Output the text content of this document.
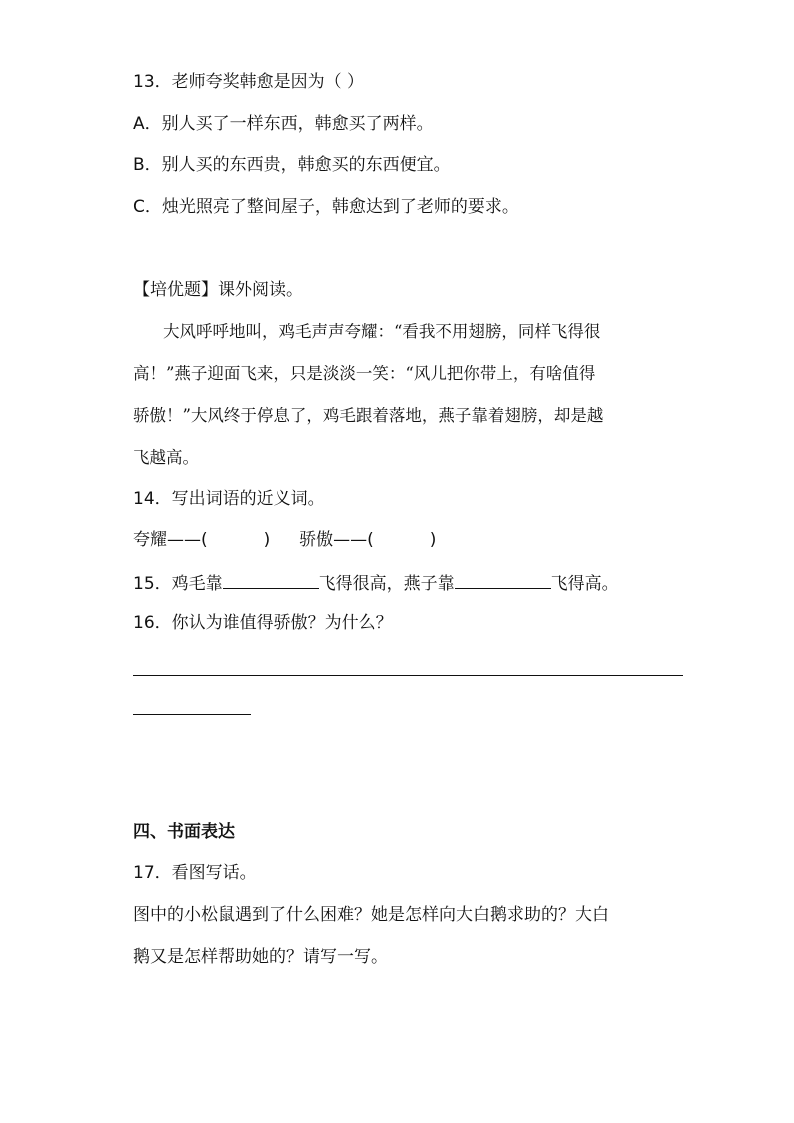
13．老师夸奖韩愈是因为（ ）
A．别人买了一样东西，韩愈买了两样。
B．别人买的东西贵，韩愈买的东西便宜。
C．烛光照亮了整间屋子，韩愈达到了老师的要求。
【培优题】课外阅读。
大风呼呼地叫，鸡毛声声夸耀：“看我不用翅膀，同样飞得很
高！”燕子迎面飞来，只是淡淡一笑：“风儿把你带上，有啥值得
骄傲！”大风终于停息了，鸡毛跟着落地，燕子靠着翅膀，却是越
飞越高。
14．写出词语的近义词。
夸耀——(	) 骄傲——(	)
15．鸡毛靠	飞得很高，燕子靠	飞得高。
16．你认为谁值得骄傲？为什么？
四、书面表达
17．看图写话。
图中的小松鼠遇到了什么困难？她是怎样向大白鹅求助的？大白
鹅又是怎样帮助她的？请写一写。
